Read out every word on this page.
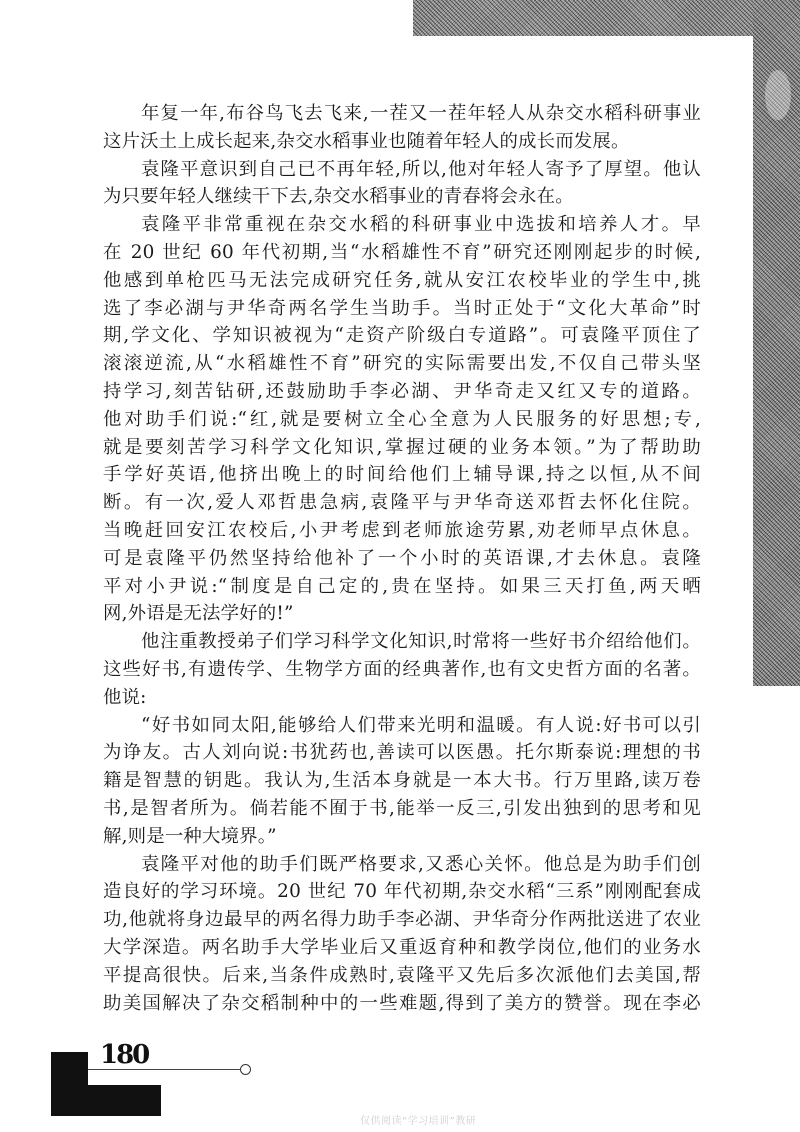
年复一年,布谷鸟飞去飞来,一茬又一茬年轻人从杂交水稻科研事业
这片沃土上成长起来,杂交水稻事业也随着年轻人的成长而发展。
袁隆平意识到自己已不再年轻,所以,他对年轻人寄予了厚望。他认
为只要年轻人继续干下去,杂交水稻事业的青春将会永在。
袁隆平非常重视在杂交水稻的科研事业中选拔和培养人才。早
在 20 世纪 60 年代初期,当“水稻雄性不育”研究还刚刚起步的时候,
他感到单枪匹马无法完成研究任务,就从安江农校毕业的学生中,挑
选了李必湖与尹华奇两名学生当助手。当时正处于“文化大革命”时
期,学文化、学知识被视为“走资产阶级白专道路”。可袁隆平顶住了
滚滚逆流,从“水稻雄性不育”研究的实际需要出发,不仅自己带头坚
持学习,刻苦钻研,还鼓励助手李必湖、尹华奇走又红又专的道路。
他对助手们说:“红,就是要树立全心全意为人民服务的好思想;专,
就是要刻苦学习科学文化知识,掌握过硬的业务本领。”为了帮助助
手学好英语,他挤出晚上的时间给他们上辅导课,持之以恒,从不间
断。有一次,爱人邓哲患急病,袁隆平与尹华奇送邓哲去怀化住院。
当晚赶回安江农校后,小尹考虑到老师旅途劳累,劝老师早点休息。
可是袁隆平仍然坚持给他补了一个小时的英语课,才去休息。袁隆
平对小尹说:“制度是自己定的,贵在坚持。如果三天打鱼,两天晒
网,外语是无法学好的!”
他注重教授弟子们学习科学文化知识,时常将一些好书介绍给他们。
这些好书,有遗传学、生物学方面的经典著作,也有文史哲方面的名著。
他说:
“好书如同太阳,能够给人们带来光明和温暖。有人说:好书可以引
为诤友。古人刘向说:书犹药也,善读可以医愚。托尔斯泰说:理想的书
籍是智慧的钥匙。我认为,生活本身就是一本大书。行万里路,读万卷
书,是智者所为。倘若能不囿于书,能举一反三,引发出独到的思考和见
解,则是一种大境界。”
袁隆平对他的助手们既严格要求,又悉心关怀。他总是为助手们创
造良好的学习环境。20 世纪 70 年代初期,杂交水稻“三系”刚刚配套成
功,他就将身边最早的两名得力助手李必湖、尹华奇分作两批送进了农业
大学深造。两名助手大学毕业后又重返育种和教学岗位,他们的业务水
平提高很快。后来,当条件成熟时,袁隆平又先后多次派他们去美国,帮
助美国解决了杂交稻制种中的一些难题,得到了美方的赞誉。现在李必
180
仅供阅读“学习培训”教研
